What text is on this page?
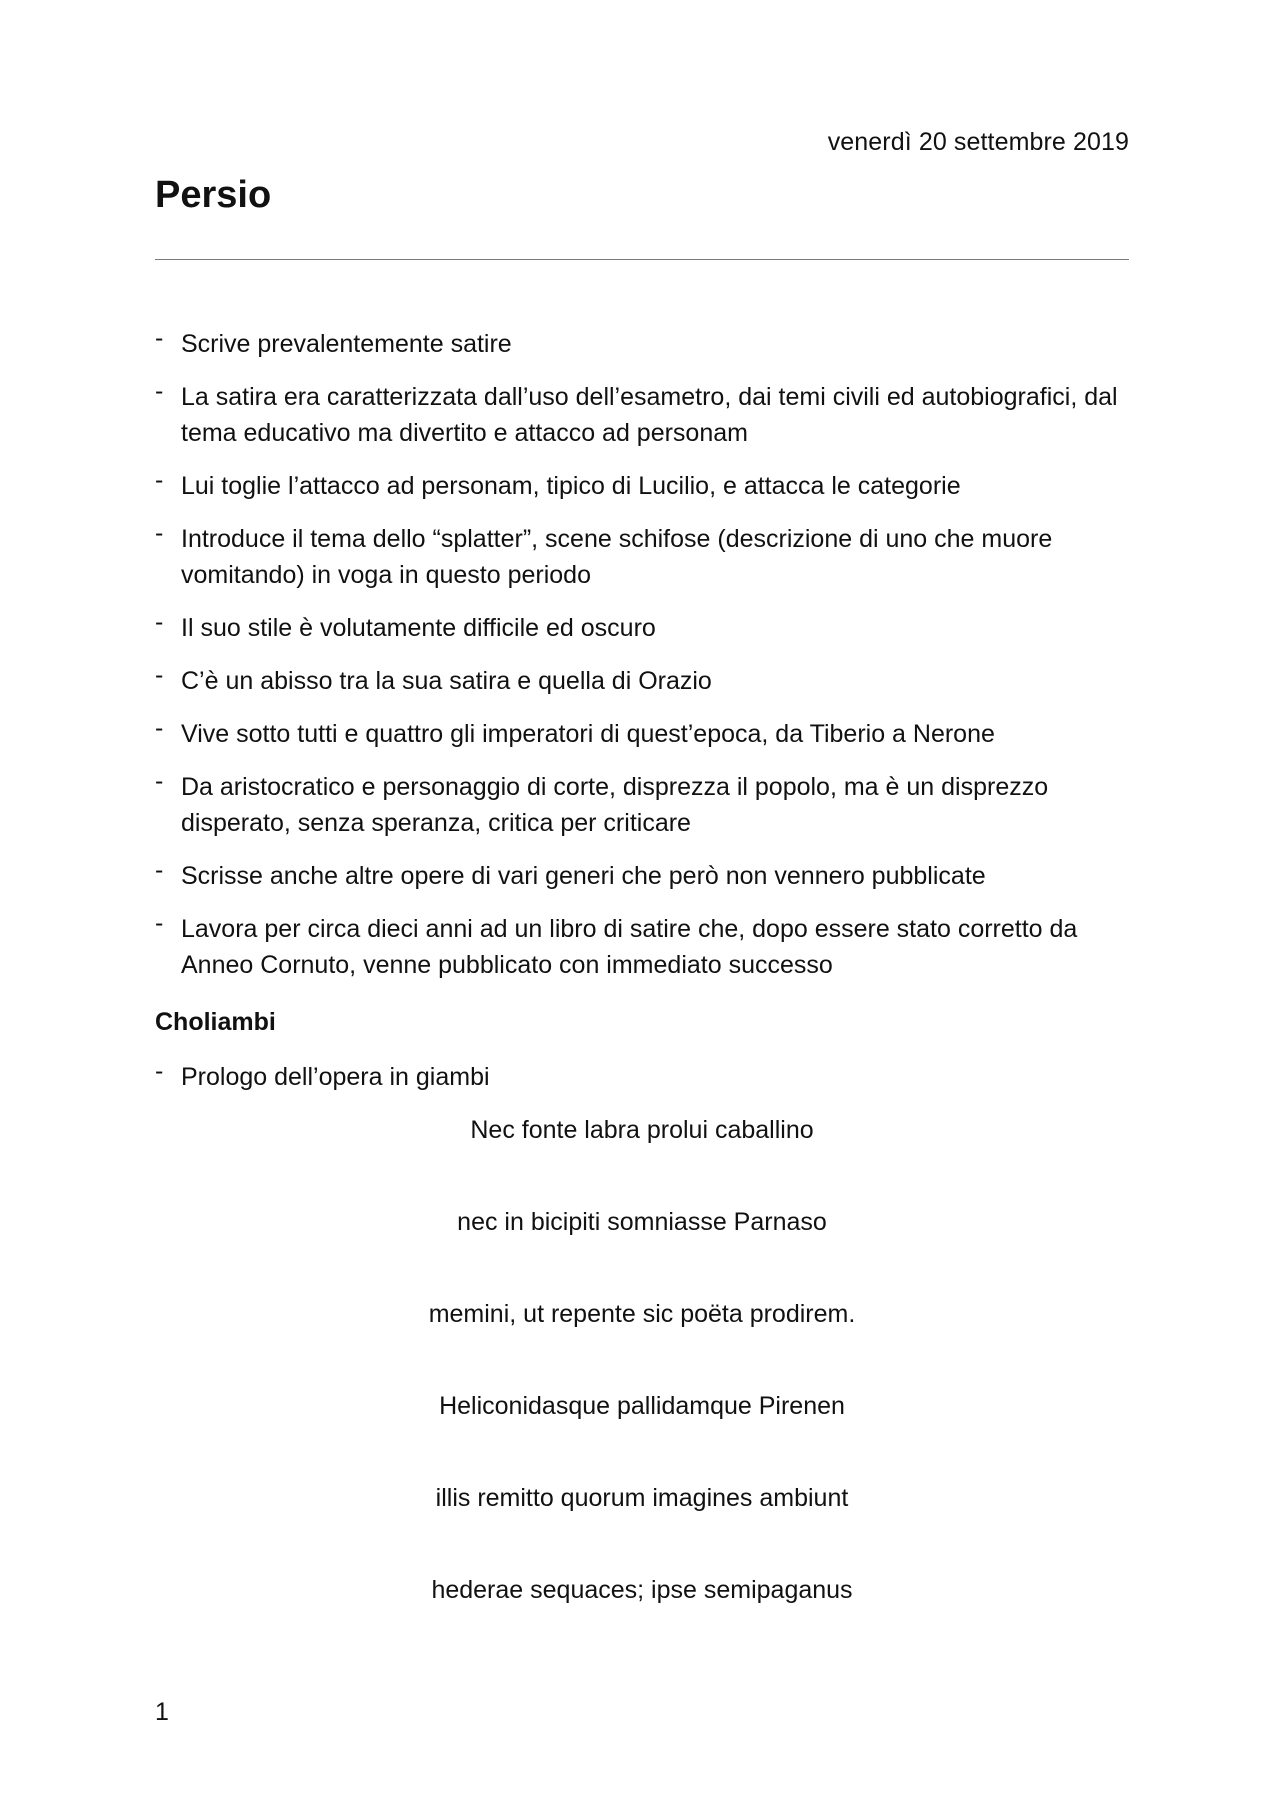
venerdì 20 settembre 2019
Persio
- Scrive prevalentemente satire
- La satira era caratterizzata dall’uso dell’esametro, dai temi civili ed autobiografici, dal tema educativo ma divertito e attacco ad personam
- Lui toglie l’attacco ad personam, tipico di Lucilio, e attacca le categorie
- Introduce il tema dello “splatter”, scene schifose (descrizione di uno che muore vomitando) in voga in questo periodo
- Il suo stile è volutamente difficile ed oscuro
- C’è un abisso tra la sua satira e quella di Orazio
- Vive sotto tutti e quattro gli imperatori di quest’epoca, da Tiberio a Nerone
- Da aristocratico e personaggio di corte, disprezza il popolo, ma è un disprezzo disperato, senza speranza, critica per criticare
- Scrisse anche altre opere di vari generi che però non vennero pubblicate
- Lavora per circa dieci anni ad un libro di satire che, dopo essere stato corretto da Anneo Cornuto, venne pubblicato con immediato successo
Choliambi
- Prologo dell’opera in giambi
Nec fonte labra prolui caballino
nec in bicipiti somniasse Parnaso
memini, ut repente sic poëta prodirem.
Heliconidasque pallidamque Pirenen
illis remitto quorum imagines ambiunt
hederae sequaces; ipse semipaganus
1
